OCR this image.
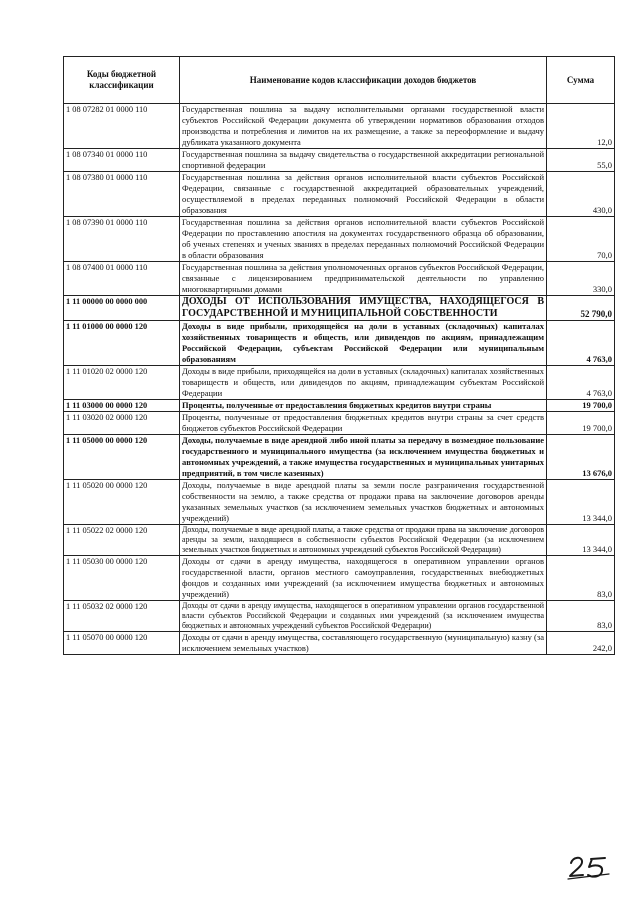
Коды бюджетной классификации	Наименование кодов классификации доходов бюджетов	Сумма
1 08 07282 01 0000 110	Государственная пошлина за выдачу исполнительными органами государственной власти субъектов Российской Федерации документа об утверждении нормативов образования отходов производства и потребления и лимитов на их размещение, а также за переоформление и выдачу дубликата указанного документа	12,0
1 08 07340 01 0000 110	Государственная пошлина за выдачу свидетельства о государственной аккредитации региональной спортивной федерации	55,0
1 08 07380 01 0000 110	Государственная пошлина за действия органов исполнительной власти субъектов Российской Федерации, связанные с государственной аккредитацией образовательных учреждений, осуществляемой в пределах переданных полномочий Российской Федерации в области образования	430,0
1 08 07390 01 0000 110	Государственная пошлина за действия органов исполнительной власти субъектов Российской Федерации по проставлению апостиля на документах государственного образца об образовании, об ученых степенях и ученых званиях в пределах переданных полномочий Российской Федерации в области образования	70,0
1 08 07400 01 0000 110	Государственная пошлина за действия уполномоченных органов субъектов Российской Федерации, связанные с лицензированием предпринимательской деятельности по управлению многоквартирными домами	330,0
1 11 00000 00 0000 000	ДОХОДЫ ОТ ИСПОЛЬЗОВАНИЯ ИМУЩЕСТВА, НАХОДЯЩЕГОСЯ В ГОСУДАРСТВЕННОЙ И МУНИЦИПАЛЬНОЙ СОБСТВЕННОСТИ	52 790,0
1 11 01000 00 0000 120	Доходы в виде прибыли, приходящейся на доли в уставных (складочных) капиталах хозяйственных товариществ и обществ, или дивидендов по акциям, принадлежащим Российской Федерации, субъектам Российской Федерации или муниципальным образованиям	4 763,0
1 11 01020 02 0000 120	Доходы в виде прибыли, приходящейся на доли в уставных (складочных) капиталах хозяйственных товариществ и обществ, или дивидендов по акциям, принадлежащим субъектам Российской Федерации	4 763,0
1 11 03000 00 0000 120	Проценты, полученные от предоставления бюджетных кредитов внутри страны	19 700,0
1 11 03020 02 0000 120	Проценты, полученные от предоставления бюджетных кредитов внутри страны за счет средств бюджетов субъектов Российской Федерации	19 700,0
1 11 05000 00 0000 120	Доходы, получаемые в виде арендной либо иной платы за передачу в возмездное пользование государственного и муниципального имущества (за исключением имущества бюджетных и автономных учреждений, а также имущества государственных и муниципальных унитарных предприятий, в том числе казенных)	13 676,0
1 11 05020 00 0000 120	Доходы, получаемые в виде арендной платы за земли после разграничения государственной собственности на землю, а также средства от продажи права на заключение договоров аренды указанных земельных участков (за исключением земельных участков бюджетных и автономных учреждений)	13 344,0
1 11 05022 02 0000 120	Доходы, получаемые в виде арендной платы, а также средства от продажи права на заключение договоров аренды за земли, находящиеся в собственности субъектов Российской Федерации (за исключением земельных участков бюджетных и автономных учреждений субъектов Российской Федерации)	13 344,0
1 11 05030 00 0000 120	Доходы от сдачи в аренду имущества, находящегося в оперативном управлении органов государственной власти, органов местного самоуправления, государственных внебюджетных фондов и созданных ими учреждений (за исключением имущества бюджетных и автономных учреждений)	83,0
1 11 05032 02 0000 120	Доходы от сдачи в аренду имущества, находящегося в оперативном управлении органов государственной власти субъектов Российской Федерации и созданных ими учреждений (за исключением имущества бюджетных и автономных учреждений субъектов Российской Федерации)	83,0
1 11 05070 00 0000 120	Доходы от сдачи в аренду имущества, составляющего государственную (муниципальную) казну (за исключением земельных участков)	242,0
